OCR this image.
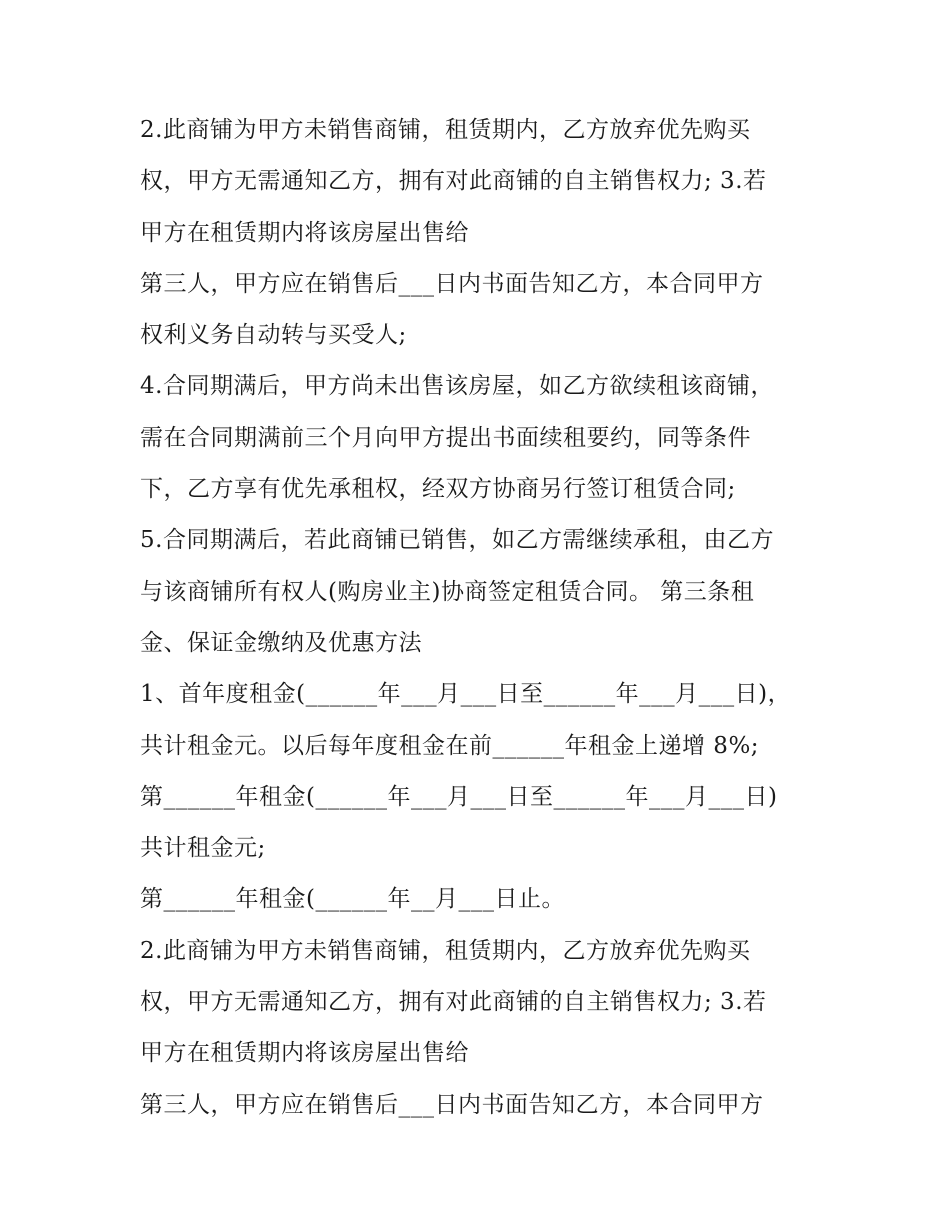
2.此商铺为甲方未销售商铺，租赁期内，乙方放弃优先购买

权，甲方无需通知乙方，拥有对此商铺的自主销售权力; 3.若

甲方在租赁期内将该房屋出售给

第三人，甲方应在销售后___日内书面告知乙方，本合同甲方

权利义务自动转与买受人;

4.合同期满后，甲方尚未出售该房屋，如乙方欲续租该商铺，

需在合同期满前三个月向甲方提出书面续租要约，同等条件

下，乙方享有优先承租权，经双方协商另行签订租赁合同;

5.合同期满后，若此商铺已销售，如乙方需继续承租，由乙方

与该商铺所有权人(购房业主)协商签定租赁合同。 第三条租

金、保证金缴纳及优惠方法

1、首年度租金(______年___月___日至______年___月___日)，

共计租金元。以后每年度租金在前______年租金上递增 8%;

第______年租金(______年___月___日至______年___月___日)

共计租金元;

第______年租金(______年__月___日止。

2.此商铺为甲方未销售商铺，租赁期内，乙方放弃优先购买

权，甲方无需通知乙方，拥有对此商铺的自主销售权力; 3.若

甲方在租赁期内将该房屋出售给

第三人，甲方应在销售后___日内书面告知乙方，本合同甲方
